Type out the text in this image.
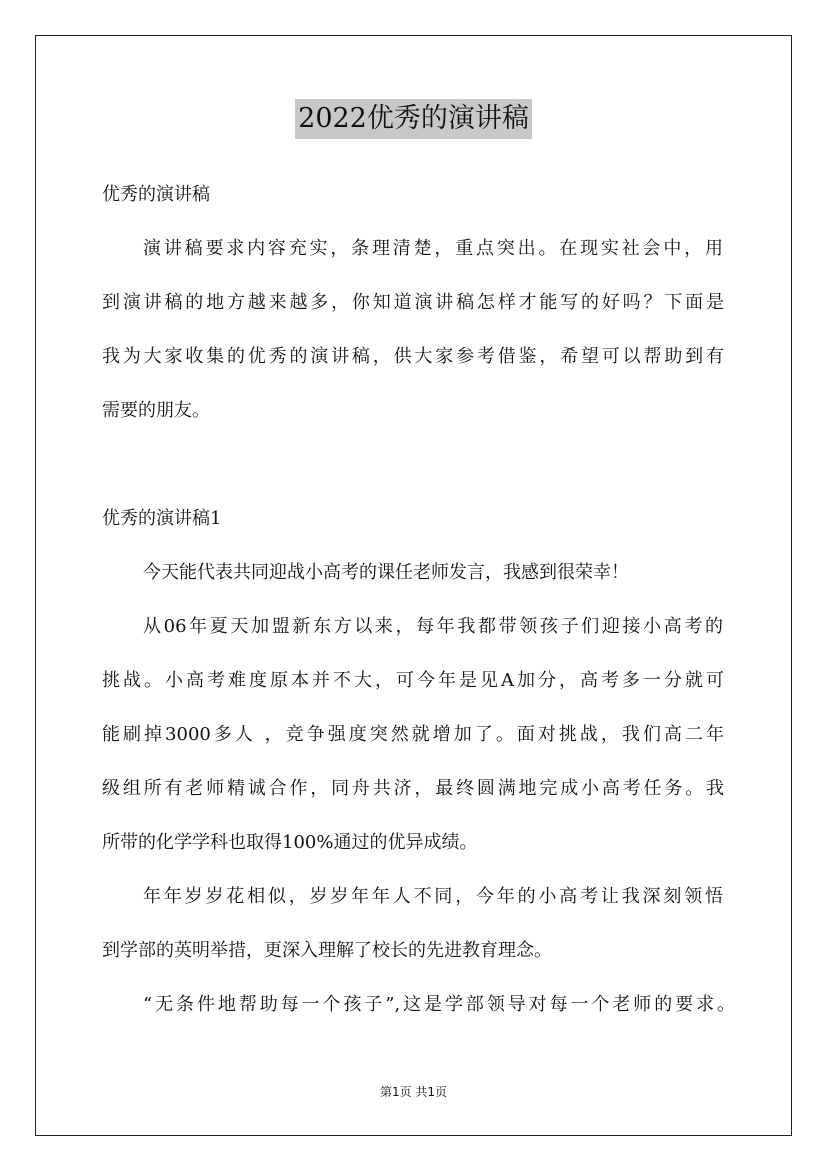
2022优秀的演讲稿
优秀的演讲稿
演讲稿要求内容充实，条理清楚，重点突出。在现实社会中，用
到演讲稿的地方越来越多，你知道演讲稿怎样才能写的好吗？下面是
我为大家收集的优秀的演讲稿，供大家参考借鉴，希望可以帮助到有
需要的朋友。
优秀的演讲稿1
今天能代表共同迎战小高考的课任老师发言，我感到很荣幸！
从06年夏天加盟新东方以来，每年我都带领孩子们迎接小高考的
挑战。小高考难度原本并不大，可今年是见A加分，高考多一分就可
能刷掉3000多人 ，竞争强度突然就增加了。面对挑战，我们高二年
级组所有老师精诚合作，同舟共济，最终圆满地完成小高考任务。我
所带的化学学科也取得100%通过的优异成绩。
年年岁岁花相似，岁岁年年人不同，今年的小高考让我深刻领悟
到学部的英明举措，更深入理解了校长的先进教育理念。
“无条件地帮助每一个孩子”,这是学部领导对每一个老师的要求。
第1页 共1页
